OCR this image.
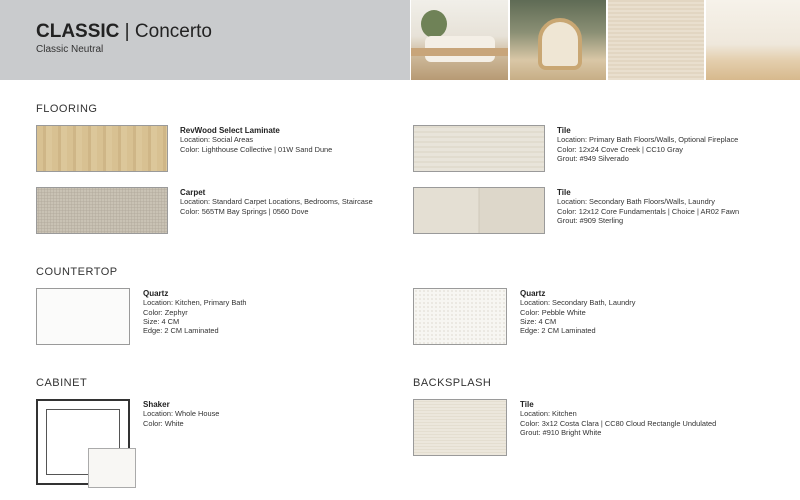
CLASSIC | Concerto
Classic Neutral
FLOORING
RevWood Select Laminate
Location: Social Areas
Color: Lighthouse Collective | 01W Sand Dune
Carpet
Location: Standard Carpet Locations, Bedrooms, Staircase
Color: 565TM Bay Springs | 0560 Dove
Tile
Location: Primary Bath Floors/Walls, Optional Fireplace
Color: 12x24 Cove Creek | CC10 Gray
Grout: #949 Silverado
Tile
Location: Secondary Bath Floors/Walls, Laundry
Color: 12x12 Core Fundamentals | Choice | AR02 Fawn
Grout: #909 Sterling
COUNTERTOP
Quartz
Location: Kitchen, Primary Bath
Color: Zephyr
Size: 4 CM
Edge: 2 CM Laminated
Quartz
Location: Secondary Bath, Laundry
Color: Pebble White
Size: 4 CM
Edge: 2 CM Laminated
CABINET
Shaker
Location: Whole House
Color: White
BACKSPLASH
Tile
Location: Kitchen
Color: 3x12 Costa Clara | CC80 Cloud Rectangle Undulated
Grout: #910 Bright White
